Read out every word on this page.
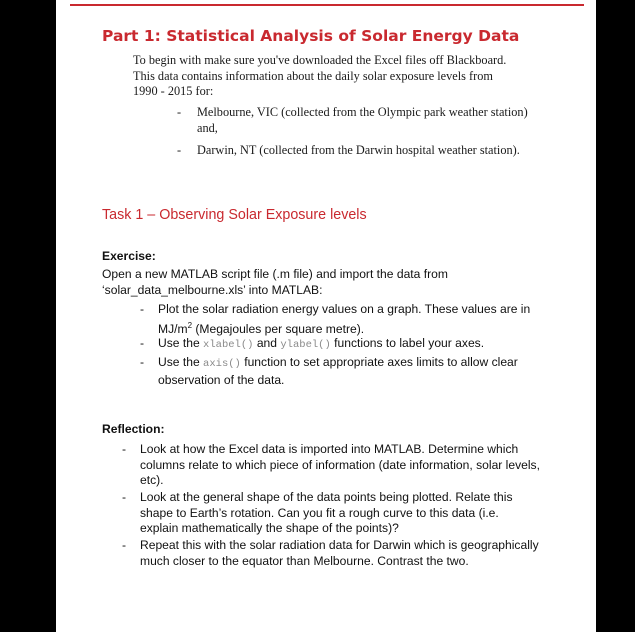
Part 1: Statistical Analysis of Solar Energy Data
To begin with make sure you've downloaded the Excel files off Blackboard. This data contains information about the daily solar exposure levels from 1990 - 2015 for:
- Melbourne, VIC (collected from the Olympic park weather station) and,
- Darwin, NT (collected from the Darwin hospital weather station).
Task 1 – Observing Solar Exposure levels
Exercise:
Open a new MATLAB script file (.m file) and import the data from ‘solar_data_melbourne.xls’ into MATLAB:
- Plot the solar radiation energy values on a graph. These values are in $MJ/m^2$ (Megajoules per square metre).
- Use the xlabel() and ylabel() functions to label your axes.
- Use the axis() function to set appropriate axes limits to allow clear observation of the data.
Reflection:
- Look at how the Excel data is imported into MATLAB. Determine which columns relate to which piece of information (date information, solar levels, etc).
- Look at the general shape of the data points being plotted. Relate this shape to Earth’s rotation. Can you fit a rough curve to this data (i.e. explain mathematically the shape of the points)?
- Repeat this with the solar radiation data for Darwin which is geographically much closer to the equator than Melbourne. Contrast the two.
